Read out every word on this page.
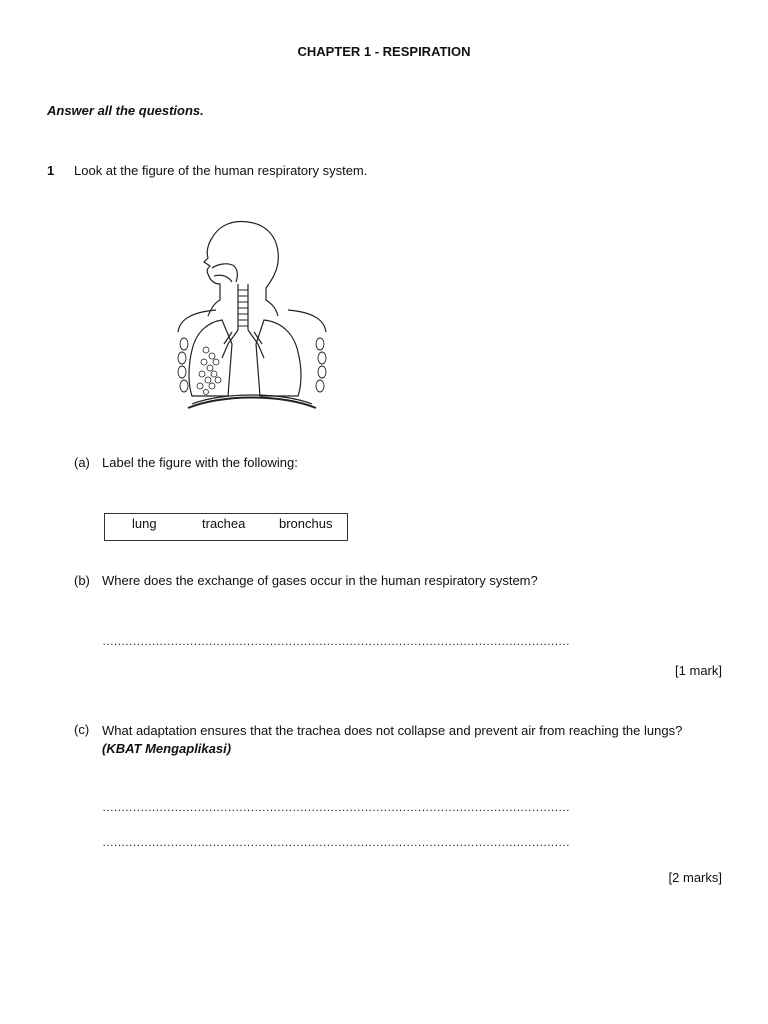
CHAPTER 1 - RESPIRATION
Answer all the questions.
1 Look at the figure of the human respiratory system.
(a) Label the figure with the following:
lung	trachea	bronchus
(b) Where does the exchange of gases occur in the human respiratory system?
……………………………………………………………………………………………………………
[1 mark]
(c) What adaptation ensures that the trachea does not collapse and prevent air from reaching the lungs?(KBAT Mengaplikasi)
……………………………………………………………………………………………………………
……………………………………………………………………………………………………………
[2 marks]
